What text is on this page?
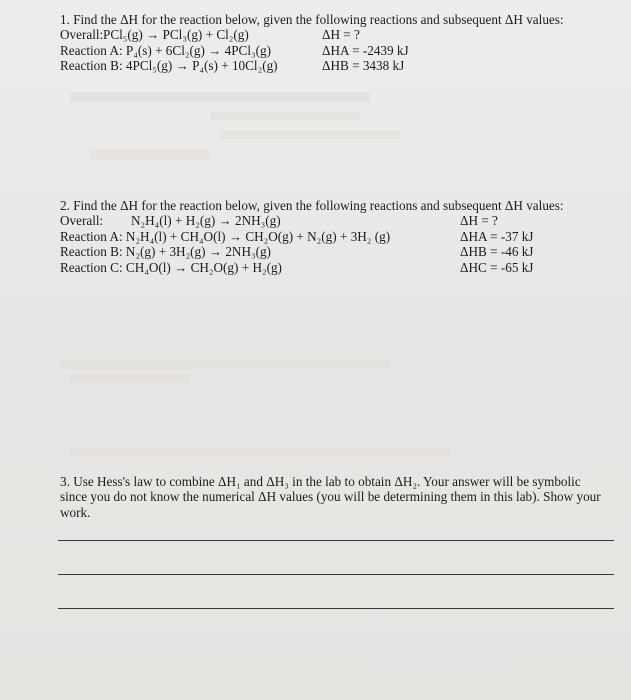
1. Find the ΔH for the reaction below, given the following reactions and subsequent ΔH values:
Overall: PCl₅(g) → PCl₃(g) + Cl₂(g)	ΔH = ?
Reaction A: P₄(s) + 6Cl₂(g) → 4PCl₃(g)	ΔHA = -2439 kJ
Reaction B: 4PCl₅(g) → P₄(s) + 10Cl₂(g)	ΔHB = 3438 kJ
2. Find the ΔH for the reaction below, given the following reactions and subsequent ΔH values:
Overall: N₂H₄(l) + H₂(g) → 2NH₃(g)	ΔH = ?
Reaction A: N₂H₄(l) + CH₄O(l) → CH₂O(g) + N₂(g) + 3H₂ (g)	ΔHA = -37 kJ
Reaction B: N₂(g) + 3H₂(g) → 2NH₃(g)	ΔHB = -46 kJ
Reaction C: CH₄O(l) → CH₂O(g) + H₂(g)	ΔHC = -65 kJ
3. Use Hess's law to combine ΔH₁ and ΔH₃ in the lab to obtain ΔH₂. Your answer will be symbolic since you do not know the numerical ΔH values (you will be determining them in this lab). Show your work.
